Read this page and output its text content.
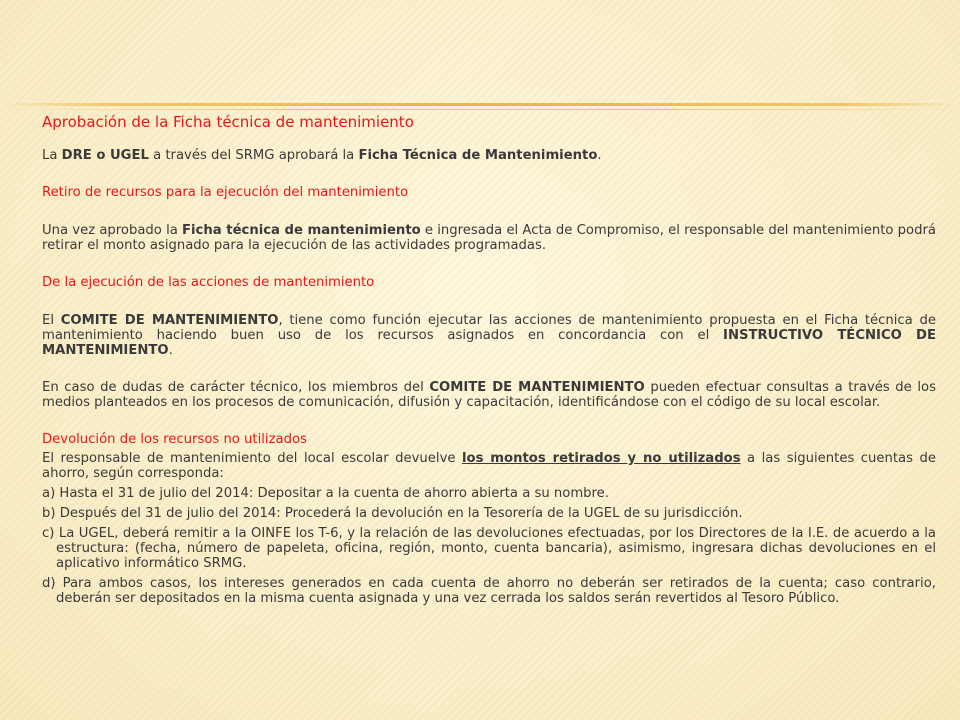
Aprobación de la Ficha técnica de mantenimiento

La DRE o UGEL a través del SRMG aprobará la Ficha Técnica de Mantenimiento.

Retiro de recursos para la ejecución del mantenimiento

Una vez aprobado la Ficha técnica de mantenimiento e ingresada el Acta de Compromiso, el responsable del mantenimiento podrá retirar el monto asignado para la ejecución de las actividades programadas.

De la ejecución de las acciones de mantenimiento

El COMITE DE MANTENIMIENTO, tiene como función ejecutar las acciones de mantenimiento propuesta en el Ficha técnica de mantenimiento haciendo buen uso de los recursos asignados en concordancia con el INSTRUCTIVO TÉCNICO DE MANTENIMIENTO.

En caso de dudas de carácter técnico, los miembros del COMITE DE MANTENIMIENTO pueden efectuar consultas a través de los medios planteados en los procesos de comunicación, difusión y capacitación, identificándose con el código de su local escolar.

Devolución de los recursos no utilizados

El responsable de mantenimiento del local escolar devuelve los montos retirados y no utilizados a las siguientes cuentas de ahorro, según corresponda:

a) Hasta el 31 de julio del 2014: Depositar a la cuenta de ahorro abierta a su nombre.

b) Después del 31 de julio del 2014: Procederá la devolución en la Tesorería de la UGEL de su jurisdicción.

c) La UGEL, deberá remitir a la OINFE los T-6, y la relación de las devoluciones efectuadas, por los Directores de la I.E. de acuerdo a la estructura: (fecha, número de papeleta, oficina, región, monto, cuenta bancaria), asimismo, ingresara dichas devoluciones en el aplicativo informático SRMG.

d) Para ambos casos, los intereses generados en cada cuenta de ahorro no deberán ser retirados de la cuenta; caso contrario, deberán ser depositados en la misma cuenta asignada y una vez cerrada los saldos serán revertidos al Tesoro Público.
